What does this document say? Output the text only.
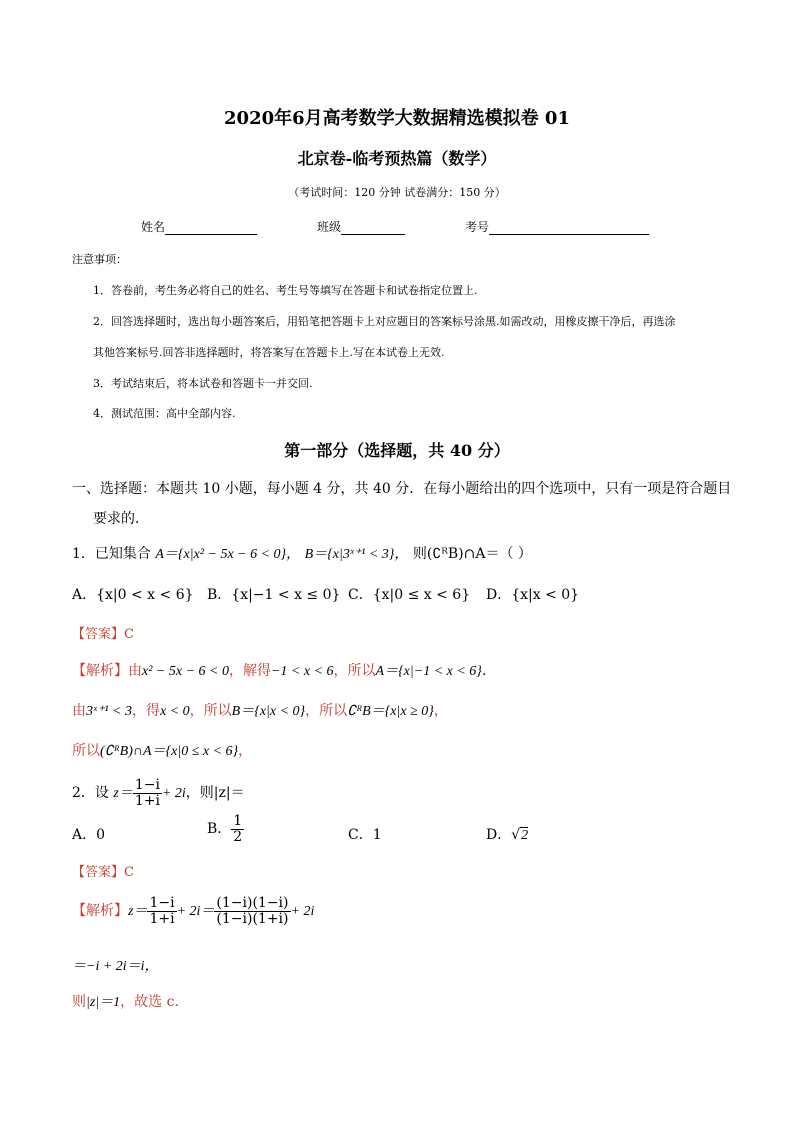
2020年6月高考数学大数据精选模拟卷 01
北京卷-临考预热篇（数学）
（考试时间：120 分钟 试卷满分：150 分）
姓名	班级	考号
注意事项：
1．答卷前，考生务必将自己的姓名、考生号等填写在答题卡和试卷指定位置上.
2．回答选择题时，选出每小题答案后，用铅笔把答题卡上对应题目的答案标号涂黑.如需改动，用橡皮擦干净后，再选涂
其他答案标号.回答非选择题时，将答案写在答题卡上.写在本试卷上无效.
3．考试结束后，将本试卷和答题卡一并交回.
4．测试范围：高中全部内容.
第一部分（选择题，共 40 分）
一、选择题：本题共 10 小题，每小题 4 分，共 40 分．在每小题给出的四个选项中，只有一项是符合题目
要求的．
1．已知集合 A＝{x|x² − 5x − 6 < 0}， B＝{x|3ˣ⁺¹ < 3}， 则(∁ᴿB)∩A＝（ ）
A．{x|0 < x < 6} B．{x|−1 < x ≤ 0} C．{x|0 ≤ x < 6} D．{x|x < 0}
【答案】C
【解析】由x² − 5x − 6 < 0，解得−1 < x < 6，所以A＝{x|−1 < x < 6}．
由3ˣ⁺¹ < 3，得x < 0，所以B＝{x|x < 0}，所以∁ᴿB＝{x|x ≥ 0}，
所以(∁ᴿB)∩A＝{x|0 ≤ x < 6}，
2．设 $z= \frac{1-i}{1+i} + 2i$，则|z|＝
A．0	B． $\frac{1}{2}$	C．1	D．√2
【答案】C
【解析】$z= \frac{1-i}{1+i} + 2i= \frac{(1-i)(1-i)}{(1-i)(1+i)} + 2i$
＝−i + 2i＝i，
则|z|＝1，故选 c.
